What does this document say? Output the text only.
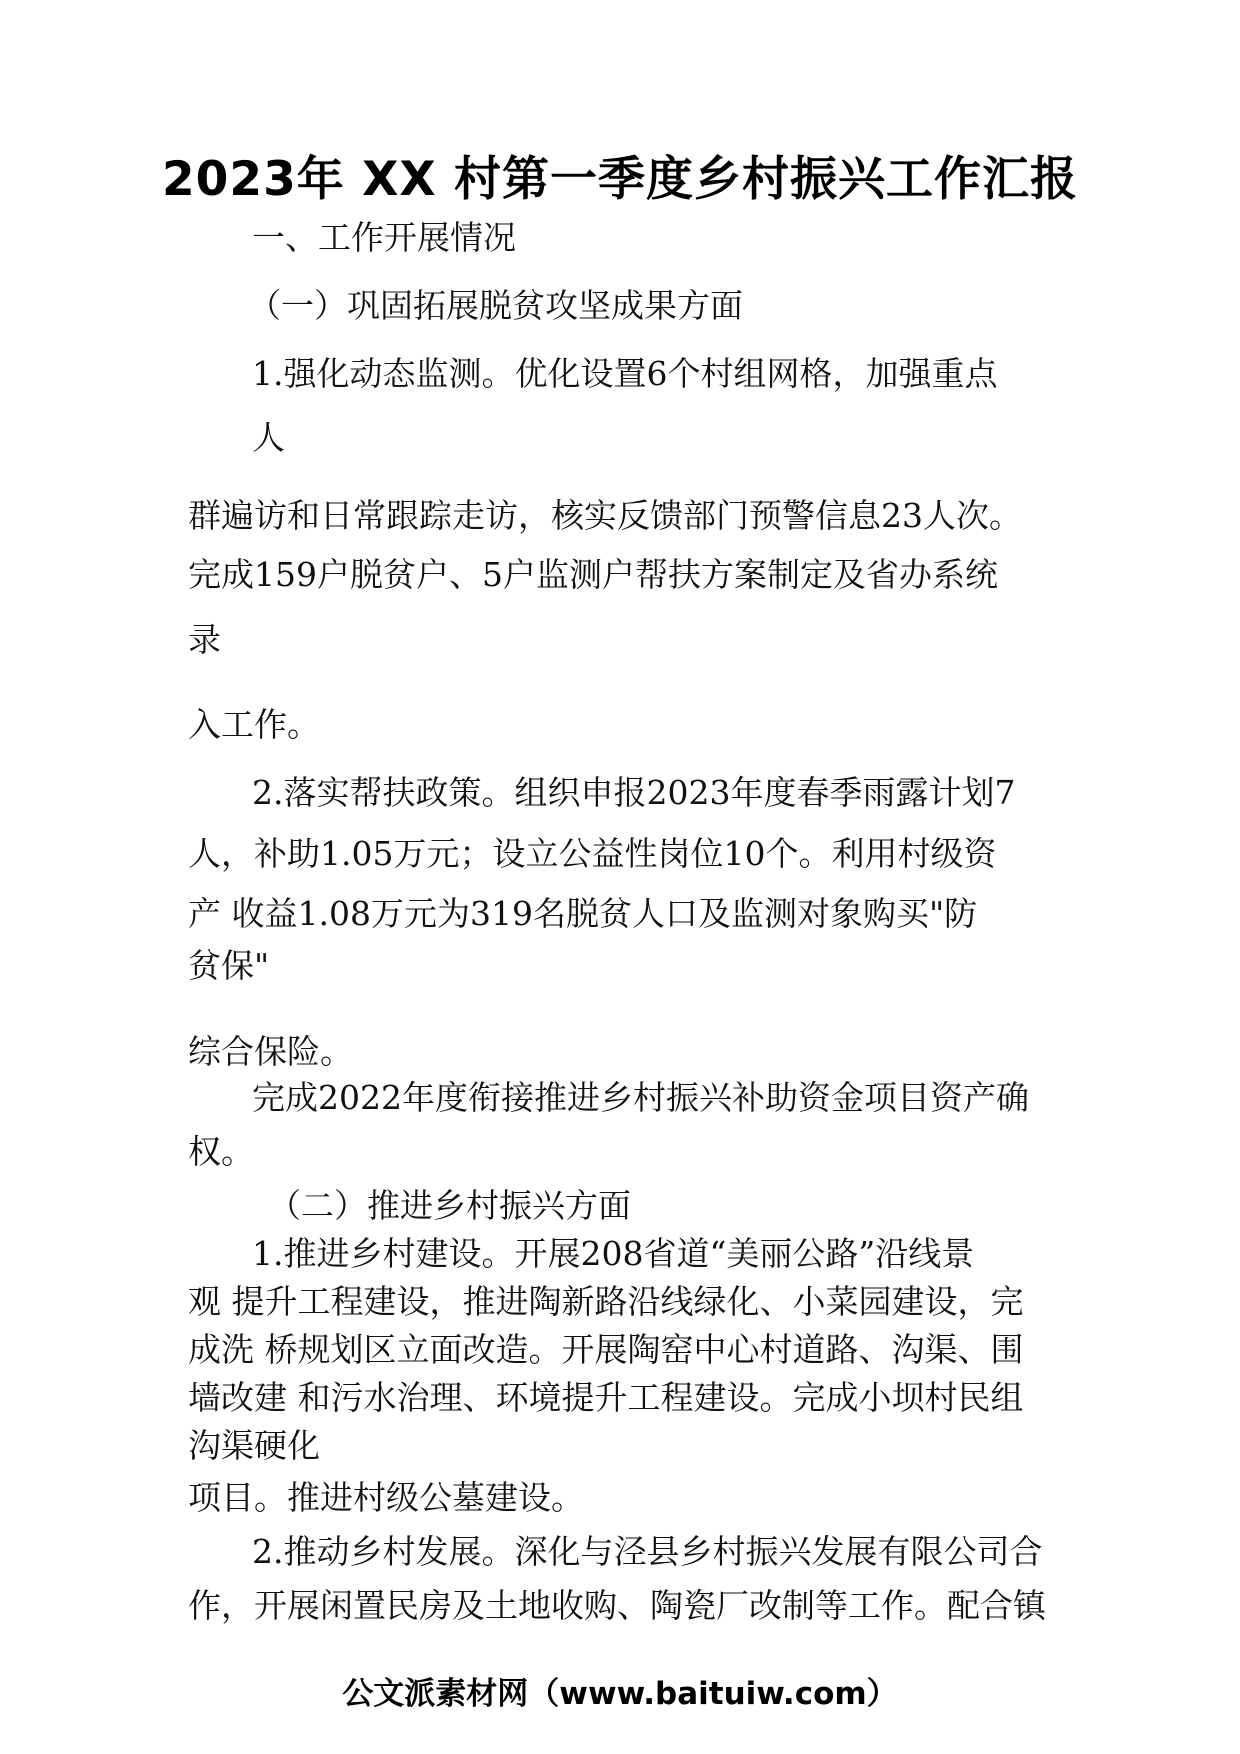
2023年 XX 村第一季度乡村振兴工作汇报
一、工作开展情况
（一）巩固拓展脱贫攻坚成果方面
1.强化动态监测。优化设置6个村组网格，加强重点
人
群遍访和日常跟踪走访，核实反馈部门预警信息23人次。
完成159户脱贫户、5户监测户帮扶方案制定及省办系统
录
入工作。
2.落实帮扶政策。组织申报2023年度春季雨露计划7
人，补助1.05万元；设立公益性岗位10个。利用村级资
产 收益1.08万元为319名脱贫人口及监测对象购买"防
贫保"
综合保险。
完成2022年度衔接推进乡村振兴补助资金项目资产确
权。
（二）推进乡村振兴方面
1.推进乡村建设。开展208省道“美丽公路”沿线景
观 提升工程建设，推进陶新路沿线绿化、小菜园建设，完
成洗 桥规划区立面改造。开展陶窑中心村道路、沟渠、围
墙改建 和污水治理、环境提升工程建设。完成小坝村民组
沟渠硬化
项目。推进村级公墓建设。
公文派素材网（www.baituiw.com）
2.推动乡村发展。深化与泾县乡村振兴发展有限公司合
作，开展闲置民房及土地收购、陶瓷厂改制等工作。配合镇
